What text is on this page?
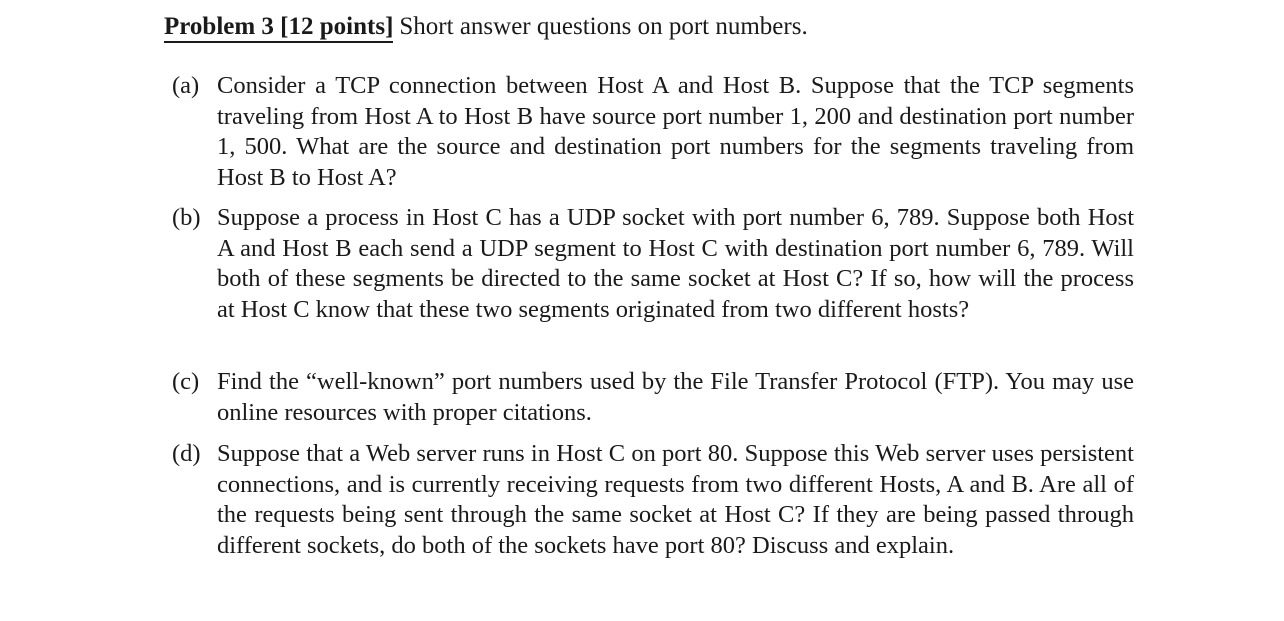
Problem 3 [12 points] Short answer questions on port numbers.
(a) Consider a TCP connection between Host A and Host B. Suppose that the TCP segments traveling from Host A to Host B have source port number 1, 200 and destination port number 1, 500. What are the source and destination port numbers for the segments traveling from Host B to Host A?
(b) Suppose a process in Host C has a UDP socket with port number 6, 789. Suppose both Host A and Host B each send a UDP segment to Host C with destination port number 6, 789. Will both of these segments be directed to the same socket at Host C? If so, how will the process at Host C know that these two segments originated from two different hosts?
(c) Find the “well-known” port numbers used by the File Transfer Protocol (FTP). You may use online resources with proper citations.
(d) Suppose that a Web server runs in Host C on port 80. Suppose this Web server uses persistent connections, and is currently receiving requests from two different Hosts, A and B. Are all of the requests being sent through the same socket at Host C? If they are being passed through different sockets, do both of the sockets have port 80? Discuss and explain.
